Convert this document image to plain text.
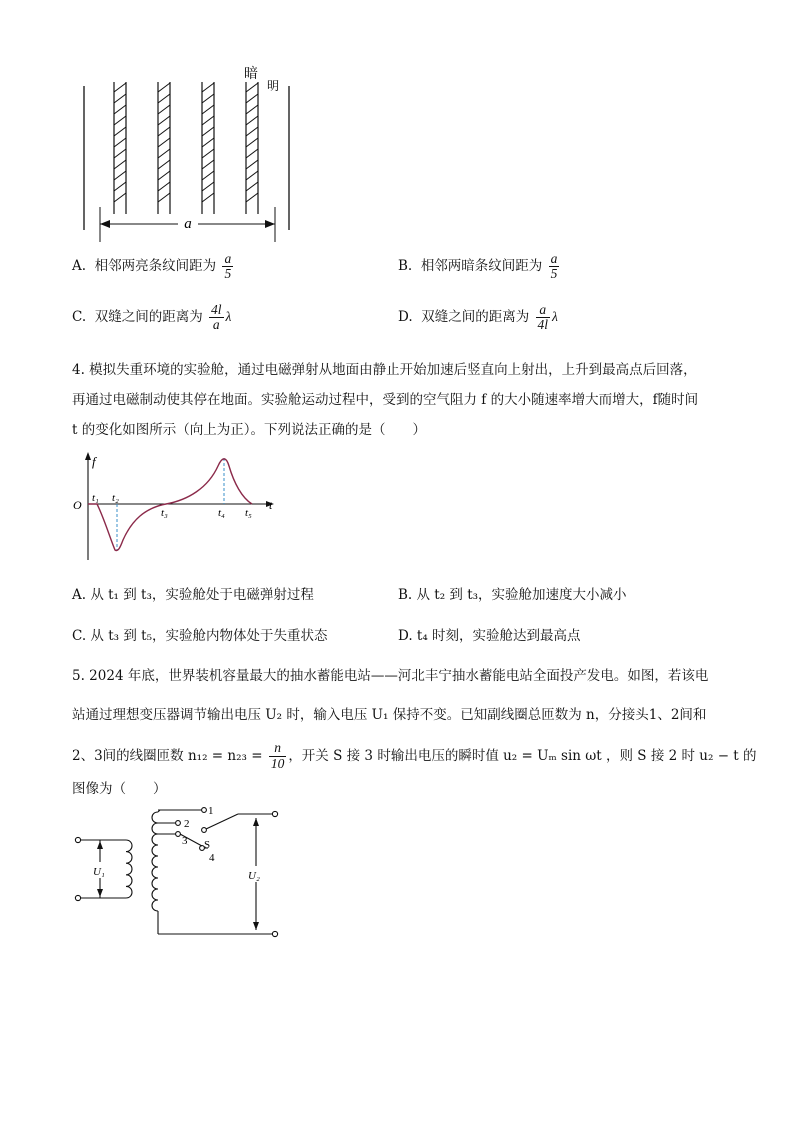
a
暗
明
A. 相邻两亮条纹间距为 $\frac{a}{5}$	B. 相邻两暗条纹间距为 $\frac{a}{5}$
C. 双缝之间的距离为 $\frac{4l}{a}$ λ	D. 双缝之间的距离为 $\frac{a}{4l}$ λ
4. 模拟失重环境的实验舱，通过电磁弹射从地面由静止开始加速后竖直向上射出，上升到最高点后回落，
再通过电磁制动使其停在地面。实验舱运动过程中，受到的空气阻力 f 的大小随速率增大而增大，f随时间
t 的变化如图所示（向上为正）。下列说法正确的是（　　）
f
O	t
t₁ t₂
t₃	t₄ t₅
A. 从 t₁ 到 t₃，实验舱处于电磁弹射过程	B. 从 t₂ 到 t₃，实验舱加速度大小减小
C. 从 t₃ 到 t₅，实验舱内物体处于失重状态	D. t₄ 时刻，实验舱达到最高点
5. 2024 年底，世界装机容量最大的抽水蓄能电站——河北丰宁抽水蓄能电站全面投产发电。如图，若该电
站通过理想变压器调节输出电压 U₂ 时，输入电压 U₁ 保持不变。已知副线圈总匝数为 n，分接头1、2间和
2、3间的线圈匝数 $n_{12} = n_{23} = \frac{n}{10}$ ，开关 S 接 3 时输出电压的瞬时值 u₂ = Uₘ sin ωt ，则 S 接 2 时 u₂ − t 的
图像为（　　）
1
2
3
4
S
U₁	U₂
